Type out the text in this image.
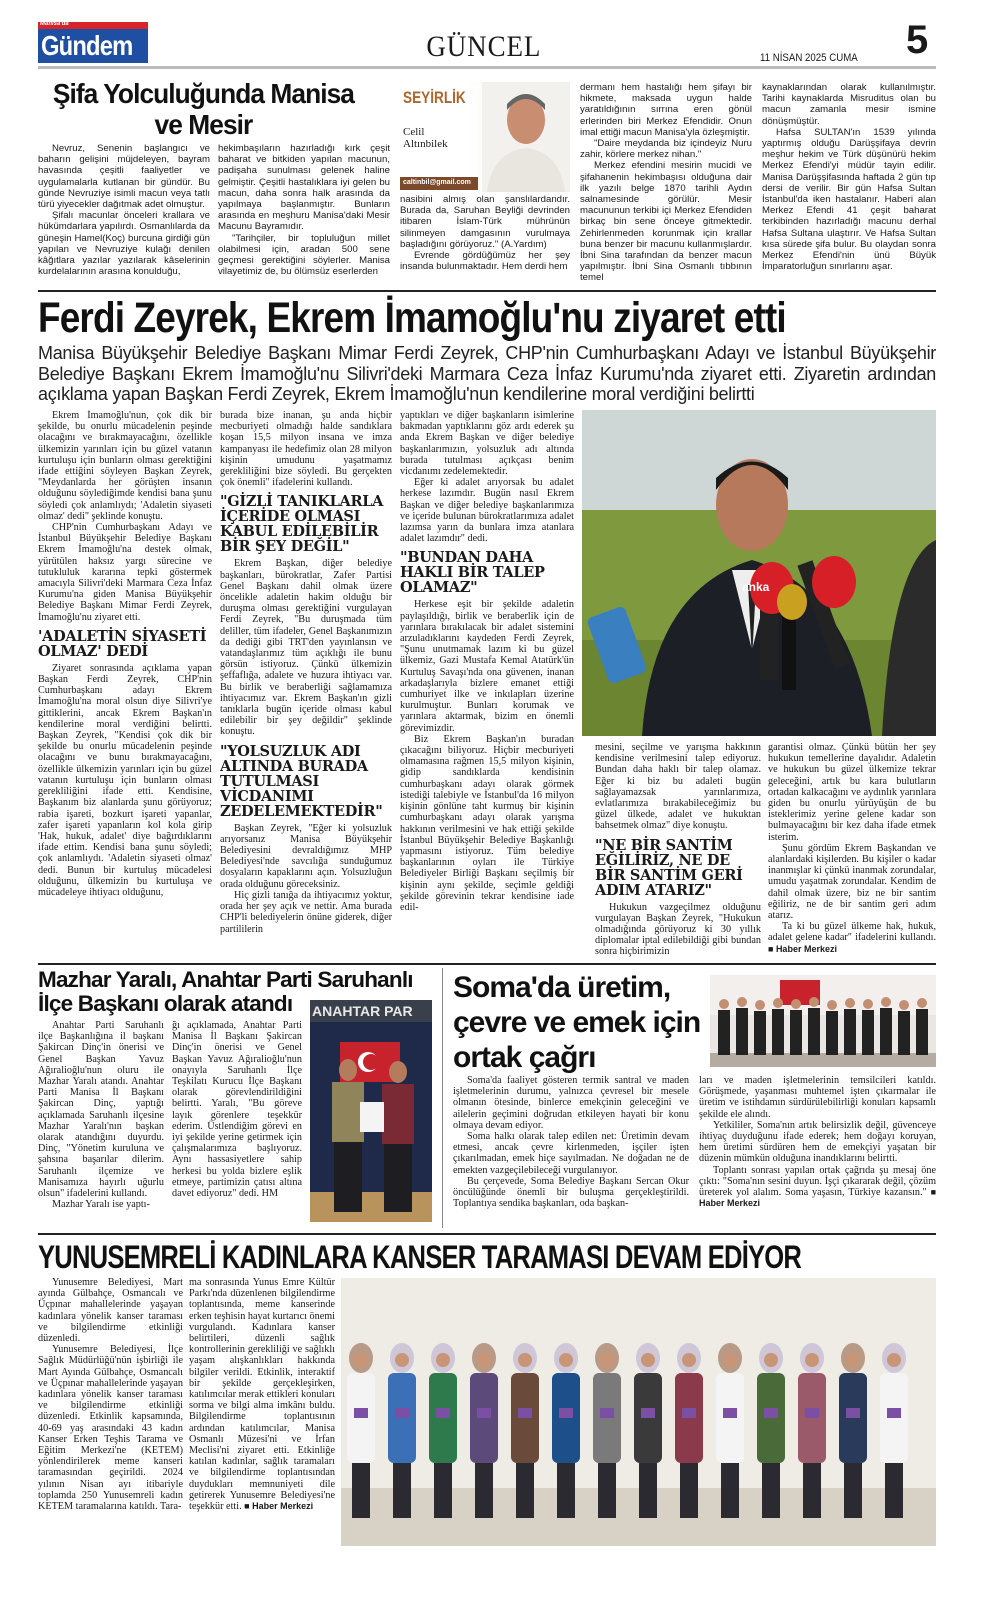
Manisa'da
Gündem	GÜNCEL	11 NİSAN 2025 CUMA 5
Şifa Yolculuğunda Manisa ve Mesir

Nevruz, Senenin başlangıcı ve baharın gelişini müjdeleyen, bayram havasında çeşitli faaliyetler ve uygulamalarla kutlanan bir gündür. Bu günde Nevruziye isimli macun veya tatlı türü yiyecekler dağıtmak adet olmuştur.

Şifalı macunlar önceleri krallara ve hükümdarlara yapılırdı. Osmanlılarda da güneşin Hamel(Koç) burcuna girdiği gün yapılan ve Nevruziye kulağı denilen kâğıtlara yazılar yazılarak kâselerinin kurdelalarının arasına konulduğu,

hekimbaşıların hazırladığı kırk çeşit baharat ve bitkiden yapılan macunun, padişaha sunulması gelenek haline gelmiştir. Çeşitli hastalıklara iyi gelen bu macun, daha sonra halk arasında da yapılmaya başlanmıştır. Bunların arasında en meşhuru Manisa'daki Mesir Macunu Bayramıdır.

"Tarihçiler, bir topluluğun millet olabilmesi için, aradan 500 sene geçmesi gerektiğini söylerler. Manisa vilayetimiz de, bu ölümsüz eserlerden

SEYİRLİK
Celil Altınbilek
caltinbil@gmail.com

nasibini almış olan şanslılardandır. Burada da, Saruhan Beyliği devrinden itibaren İslam-Türk mührünün silinmeyen damgasının vurulmaya başladığını görüyoruz." (A.Yardım)

Evrende gördüğümüz her şey insanda bulunmaktadır. Hem derdi hem

dermanı hem hastalığı hem şifayı bir hikmete, maksada uygun halde yaratıldığının sırrına eren gönül erlerinden biri Merkez Efendidir. Onun imal ettiği macun Manisa'yla özleşmiştir.

"Daire meydanda biz içindeyiz Nuru zahir, körlere merkez nihan."

Merkez efendini mesirin mucidi ve şifahanenin hekimbaşısı olduğuna dair ilk yazılı belge 1870 tarihli Aydın salnamesinde görülür. Mesir macununun terkibi içi Merkez Efendiden birkaç bin sene önceye gitmektedir. Zehirlenmeden korunmak için krallar buna benzer bir macunu kullanmışlardır. İbni Sina tarafından da benzer macun yapılmıştır. İbni Sina Osmanlı tıbbının temel

kaynaklarından olarak kullanılmıştır. Tarihi kaynaklarda Misruditus olan bu macun zamanla mesir ismine dönüşmüştür.

Hafsa SULTAN'ın 1539 yılında yaptırmış olduğu Darüşşifaya devrin meşhur hekim ve Türk düşünürü hekim Merkez Efendi'yi müdür tayin edilir. Manisa Darüşşifasında haftada 2 gün tıp dersi de verilir. Bir gün Hafsa Sultan İstanbul'da iken hastalanır. Haberi alan Merkez Efendi 41 çeşit baharat terkibinden hazırladığı macunu derhal Hafsa Sultana ulaştırır. Ve Hafsa Sultan kısa sürede şifa bulur. Bu olaydan sonra Merkez Efendi'nin ünü Büyük İmparatorluğun sınırlarını aşar.

Ferdi Zeyrek, Ekrem İmamoğlu'nu ziyaret etti
Manisa Büyükşehir Belediye Başkanı Mimar Ferdi Zeyrek, CHP'nin Cumhurbaşkanı Adayı ve İstanbul Büyükşehir Belediye Başkanı Ekrem İmamoğlu'nu Silivri'deki Marmara Ceza İnfaz Kurumu'nda ziyaret etti. Ziyaretin ardından açıklama yapan Başkan Ferdi Zeyrek, Ekrem İmamoğlu'nun kendilerine moral verdiğini belirtti

Ekrem İmamoğlu'nun, çok dik bir şekilde, bu onurlu mücadelenin peşinde olacağını ve bırakmayacağını, özellikle ülkemizin yarınları için bu güzel vatanın kurtuluşu için bunların olması gerektiğini ifade ettiğini söyleyen Başkan Zeyrek, "Meydanlarda her görüşten insanın olduğunu söylediğimde kendisi bana şunu söyledi çok anlamlıydı; 'Adaletin siyaseti olmaz' dedi" şeklinde konuştu.

CHP'nin Cumhurbaşkanı Adayı ve İstanbul Büyükşehir Belediye Başkanı Ekrem İmamoğlu'na destek olmak, yürütülen haksız yargı sürecine ve tutukluluk kararına tepki göstermek amacıyla Silivri'deki Marmara Ceza İnfaz Kurumu'na giden Manisa Büyükşehir Belediye Başkanı Mimar Ferdi Zeyrek, İmamoğlu'nu ziyaret etti.

'ADALETİN SİYASETİ OLMAZ' DEDİ

Ziyaret sonrasında açıklama yapan Başkan Ferdi Zeyrek, CHP'nin Cumhurbaşkanı adayı Ekrem İmamoğlu'na moral olsun diye Silivri'ye gittiklerini, ancak Ekrem Başkan'ın kendilerine moral verdiğini belirtti. Başkan Zeyrek, "Kendisi çok dik bir şekilde bu onurlu mücadelenin peşinde olacağını ve bunu bırakmayacağını, özellikle ülkemizin yarınları için bu güzel vatanın kurtuluşu için bunların olması gerekliliğini ifade etti. Kendisine, Başkanım biz alanlarda şunu görüyoruz; rabia işareti, bozkurt işareti yapanlar, zafer işareti yapanların kol kola girip 'Hak, hukuk, adalet' diye bağırdıklarını ifade ettim. Kendisi bana şunu söyledi; çok anlamlıydı. 'Adaletin siyaseti olmaz' dedi. Bunun bir kurtuluş mücadelesi olduğunu, ülkemizin bu kurtuluşa ve mücadeleye ihtiyacı olduğunu,

burada bize inanan, şu anda hiçbir mecburiyeti olmadığı halde sandıklara koşan 15,5 milyon insana ve imza kampanyası ile hedefimiz olan 28 milyon kişinin umudunu yaşatmamız gerekliliğini bize söyledi. Bu gerçekten çok önemli" ifadelerini kullandı.

"GİZLİ TANIKLARLA İÇERİDE OLMASI KABUL EDİLEBİLİR BİR ŞEY DEĞİL"

Ekrem Başkan, diğer belediye başkanları, bürokratlar, Zafer Partisi Genel Başkanı dahil olmak üzere öncelikle adaletin hakim olduğu bir duruşma olması gerektiğini vurgulayan Ferdi Zeyrek, "Bu duruşmada tüm deliller, tüm ifadeler, Genel Başkanımızın da dediği gibi TRT'den yayınlansın ve vatandaşlarımız tüm açıklığı ile bunu görsün istiyoruz. Çünkü ülkemizin şeffaflığa, adalete ve huzura ihtiyacı var. Bu birlik ve beraberliği sağlamamıza ihtiyacımız var. Ekrem Başkan'ın gizli tanıklarla bugün içeride olması kabul edilebilir bir şey değildir" şeklinde konuştu.

"YOLSUZLUK ADI ALTINDA BURADA TUTULMASI VİCDANIMI ZEDELEMEKTEDİR"

Başkan Zeyrek, "Eğer ki yolsuzluk arıyorsanız Manisa Büyükşehir Belediyesini devraldığımız MHP Belediyesi'nde savcılığa sunduğumuz dosyaların kapaklarını açın. Yolsuzluğun orada olduğunu göreceksiniz.

Hiç gizli tanığa da ihtiyacımız yoktur, orada her şey açık ve nettir. Ama burada CHP'li belediyelerin önüne giderek, diğer partililerin

yaptıkları ve diğer başkanların isimlerine bakmadan yaptıklarını göz ardı ederek şu anda Ekrem Başkan ve diğer belediye başkanlarımızın, yolsuzluk adı altında burada tutulması açıkçası benim vicdanımı zedelemektedir.

Eğer ki adalet arıyorsak bu adalet herkese lazımdır. Bugün nasıl Ekrem Başkan ve diğer belediye başkanlarımıza ve içeride bulunan bürokratlarımıza adalet lazımsa yarın da bunlara imza atanlara adalet lazımdır" dedi.

"BUNDAN DAHA HAKLI BİR TALEP OLAMAZ"

Herkese eşit bir şekilde adaletin paylaşıldığı, birlik ve beraberlik için de yarınlara bırakılacak bir adalet sistemini arzuladıklarını kaydeden Ferdi Zeyrek, "Şunu unutmamak lazım ki bu güzel ülkemiz, Gazi Mustafa Kemal Atatürk'ün Kurtuluş Savaşı'nda ona güvenen, inanan arkadaşlarıyla bizlere emanet ettiği cumhuriyet ilke ve inkılapları üzerine kurulmuştur. Bunları korumak ve yarınlara aktarmak, bizim en önemli görevimizdir.

Biz Ekrem Başkan'ın buradan çıkacağını biliyoruz. Hiçbir mecburiyeti olmamasına rağmen 15,5 milyon kişinin, gidip sandıklarda kendisinin cumhurbaşkanı adayı olarak görmek istediği talebiyle ve İstanbul'da 16 milyon kişinin gönlüne taht kurmuş bir kişinin cumhurbaşkanı adayı olarak yarışma hakkının verilmesini ve hak ettiği şekilde İstanbul Büyükşehir Belediye Başkanlığı yapmasını istiyoruz. Tüm belediye başkanlarının oyları ile Türkiye Belediyeler Birliği Başkanı seçilmiş bir kişinin aynı şekilde, seçimle geldiği şekilde görevinin tekrar kendisine iade edil-

anka

mesini, seçilme ve yarışma hakkının kendisine verilmesini talep ediyoruz. Bundan daha haklı bir talep olamaz. Eğer ki biz bu adaleti bugün sağlayamazsak yarınlarımıza, evlatlarımıza bırakabileceğimiz bu güzel ülkede, adalet ve hukuktan bahsetmek olmaz" diye konuştu.

"NE BİR SANTİM EĞİLİRİZ, NE DE BİR SANTİM GERİ ADIM ATARIZ"

Hukukun vazgeçilmez olduğunu vurgulayan Başkan Zeyrek, "Hukukun olmadığında görüyoruz ki 30 yıllık diplomalar iptal edilebildiği gibi bundan sonra hiçbirimizin

garantisi olmaz. Çünkü bütün her şey hukukun temellerine dayalıdır. Adaletin ve hukukun bu güzel ülkemize tekrar geleceğini, artık bu kara bulutların ortadan kalkacağını ve aydınlık yarınlara giden bu onurlu yürüyüşün de bu isteklerimiz yerine gelene kadar son bulmayacağını bir kez daha ifade etmek isterim.

Şunu gördüm Ekrem Başkandan ve alanlardaki kişilerden. Bu kişiler o kadar inanmışlar ki çünkü inanmak zorundalar, umudu yaşatmak zorundalar. Kendim de dahil olmak üzere, biz ne bir santim eğiliriz, ne de bir santim geri adım atarız.

Ta ki bu güzel ülkeme hak, hukuk, adalet gelene kadar" ifadelerini kullandı. ■ Haber Merkezi

Mazhar Yaralı, Anahtar Parti Saruhanlı İlçe Başkanı olarak atandı

Anahtar Parti Saruhanlı ilçe Başkanlığına il başkanı Şakircan Dinç'in önerisi ve Genel Başkan Yavuz Ağıralioğlu'nun oluru ile Mazhar Yaralı atandı. Anahtar Parti Manisa İl Başkanı Şakircan Dinç, yaptığı açıklamada Saruhanlı ilçesine Mazhar Yaralı'nın başkan olarak atandığını duyurdu. Dinç, "Yönetim kuruluna ve şahsına başarılar dilerim. Saruhanlı ilçemize ve Manisamıza hayırlı uğurlu olsun" ifadelerini kullandı.

Mazhar Yaralı ise yaptı-

ğı açıklamada, Anahtar Parti Manisa İl Başkanı Şakircan Dinç'in önerisi ve Genel Başkan Yavuz Ağıralioğlu'nun onayıyla Saruhanlı İlçe Teşkilatı Kurucu İlçe Başkanı olarak görevlendirildiğini belirtti. Yaralı, "Bu göreve layık görenlere teşekkür ederim. Üstlendiğim görevi en iyi şekilde yerine getirmek için çalışmalarımıza başlıyoruz. Aynı hassasiyetlere sahip herkesi bu yolda bizlere eşlik etmeye, partimizin çatısı altına davet ediyoruz" dedi. HM

ANAHTAR PAR
Soma'da üretim, çevre ve emek için ortak çağrı

Soma'da faaliyet gösteren termik santral ve maden işletmelerinin durumu, yalnızca çevresel bir mesele olmanın ötesinde, binlerce emekçinin geleceğini ve ailelerin geçimini doğrudan etkileyen hayati bir konu olmaya devam ediyor.

Soma halkı olarak talep edilen net: Üretimin devam etmesi, ancak çevre kirlenmeden, işçiler işten çıkarılmadan, emek hiçe sayılmadan. Ne doğadan ne de emekten vazgeçilebileceği vurgulanıyor.

Bu çerçevede, Soma Belediye Başkanı Sercan Okur öncülüğünde önemli bir buluşma gerçekleştirildi. Toplantıya sendika başkanları, oda başkan-

ları ve maden işletmelerinin temsilcileri katıldı. Görüşmede, yaşanması muhtemel işten çıkarmalar ile üretim ve istihdamın sürdürülebilirliği konuları kapsamlı şekilde ele alındı.

Yetkililer, Soma'nın artık belirsizlik değil, güvenceye ihtiyaç duyduğunu ifade ederek; hem doğayı koruyan, hem üretimi sürdüren hem de emekçiyi yaşatan bir düzenin mümkün olduğuna inandıklarını belirtti.

Toplantı sonrası yapılan ortak çağrıda şu mesaj öne çıktı: "Soma'nın sesini duyun. İşçi çıkararak değil, çözüm üreterek yol alalım. Soma yaşasın, Türkiye kazansın." ■ Haber Merkezi

YUNUSEMRELİ KADINLARA KANSER TARAMASI DEVAM EDİYOR

Yunusemre Belediyesi, Mart ayında Gülbahçe, Osmancalı ve Üçpınar mahallelerinde yaşayan kadınlara yönelik kanser taraması ve bilgilendirme etkinliği düzenledi.

Yunusemre Belediyesi, İlçe Sağlık Müdürlüğü'nün işbirliği ile Mart Ayında Gülbahçe, Osmancalı ve Üçpınar mahallelerinde yaşayan kadınlara yönelik kanser taraması ve bilgilendirme etkinliği düzenledi. Etkinlik kapsamında, 40-69 yaş arasındaki 43 kadın Kanser Erken Teşhis Tarama ve Eğitim Merkezi'ne (KETEM) yönlendirilerek meme kanseri taramasından geçirildi. 2024 yılının Nisan ayı itibariyle toplamda 250 Yunusemreli kadın KETEM taramalarına katıldı. Tara-

ma sonrasında Yunus Emre Kültür Parkı'nda düzenlenen bilgilendirme toplantısında, meme kanserinde erken teşhisin hayat kurtarıcı önemi vurgulandı. Kadınlara kanser belirtileri, düzenli sağlık kontrollerinin gerekliliği ve sağlıklı yaşam alışkanlıkları hakkında bilgiler verildi. Etkinlik, interaktif bir şekilde gerçekleşirken, katılımcılar merak ettikleri konuları sorma ve bilgi alma imkânı buldu. Bilgilendirme toplantısının ardından katılımcılar, Manisa Osmanlı Müzesi'ni ve İrfan Meclisi'ni ziyaret etti. Etkinliğe katılan kadınlar, sağlık taramaları ve bilgilendirme toplantısından duydukları memnuniyeti dile getirerek Yunusemre Belediyesi'ne teşekkür etti. ■ Haber Merkezi
